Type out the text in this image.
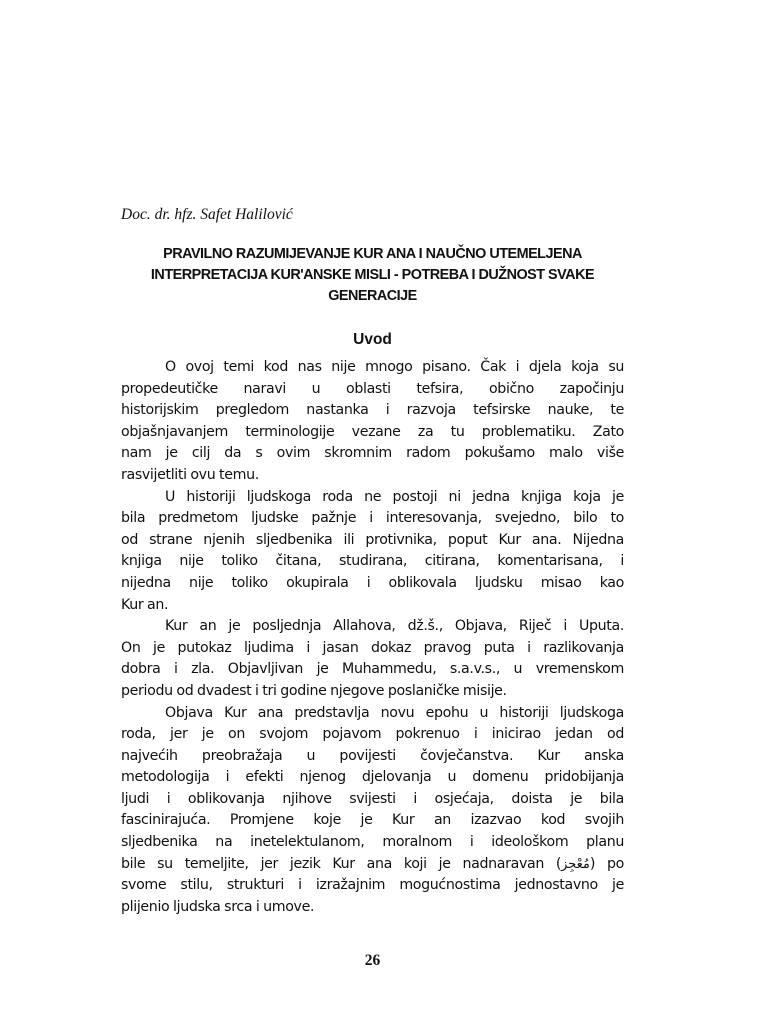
Doc. dr. hfz. Safet Halilović
PRAVILNO RAZUMIJEVANJE KUR ANA I NAUČNO UTEMELJENA
INTERPRETACIJA KUR'ANSKE MISLI - POTREBA I DUŽNOST SVAKE
GENERACIJE
Uvod
O ovoj temi kod nas nije mnogo pisano. Čak i djela koja su
propedeutičke naravi u oblasti tefsira, obično započinju
historijskim pregledom nastanka i razvoja tefsirske nauke, te
objašnjavanjem terminologije vezane za tu problematiku. Zato
nam je cilj da s ovim skromnim radom pokušamo malo više
rasvijetliti ovu temu.
U historiji ljudskoga roda ne postoji ni jedna knjiga koja je
bila predmetom ljudske pažnje i interesovanja, svejedno, bilo to
od strane njenih sljedbenika ili protivnika, poput Kur ana. Nijedna
knjiga nije toliko čitana, studirana, citirana, komentarisana, i
nijedna nije toliko okupirala i oblikovala ljudsku misao kao
Kur an.
Kur an je posljednja Allahova, dž.š., Objava, Riječ i Uputa.
On je putokaz ljudima i jasan dokaz pravog puta i razlikovanja
dobra i zla. Objavljivan je Muhammedu, s.a.v.s., u vremenskom
periodu od dvadest i tri godine njegove poslaničke misije.
Objava Kur ana predstavlja novu epohu u historiji ljudskoga
roda, jer je on svojom pojavom pokrenuo i inicirao jedan od
najvećih preobražaja u povijesti čovječanstva. Kur anska
metodologija i efekti njenog djelovanja u domenu pridobijanja
ljudi i oblikovanja njihove svijesti i osjećaja, doista je bila
fascinirajuća. Promjene koje je Kur an izazvao kod svojih
sljedbenika na inetelektulanom, moralnom i ideološkom planu
bile su temeljite, jer jezik Kur ana koji je nadnaravan (مُعْجِز) po
svome stilu, strukturi i izražajnim mogućnostima jednostavno je
plijenio ljudska srca i umove.
26
